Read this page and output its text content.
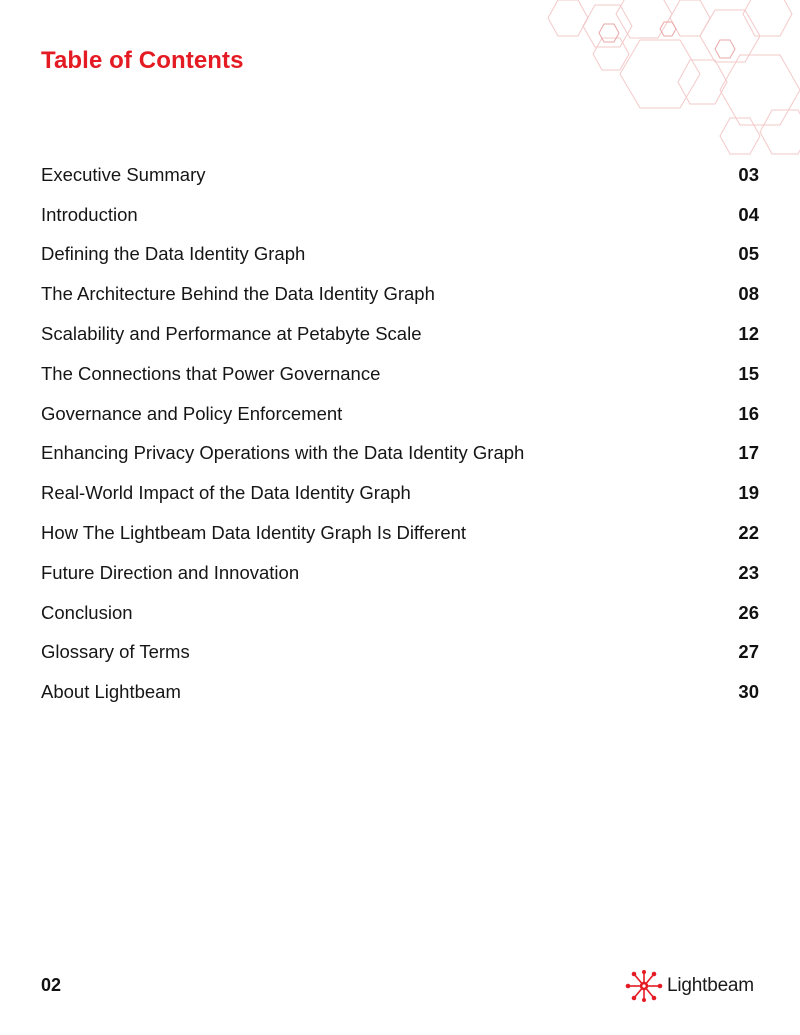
Table of Contents
Executive Summary	03
Introduction	04
Defining the Data Identity Graph	05
The Architecture Behind the Data Identity Graph	08
Scalability and Performance at Petabyte Scale	12
The Connections that Power Governance	15
Governance and Policy Enforcement	16
Enhancing Privacy Operations with the Data Identity Graph	17
Real-World Impact of the Data Identity Graph	19
How The Lightbeam Data Identity Graph Is Different	22
Future Direction and Innovation	23
Conclusion	26
Glossary of Terms	27
About Lightbeam	30
02	Lightbeam
